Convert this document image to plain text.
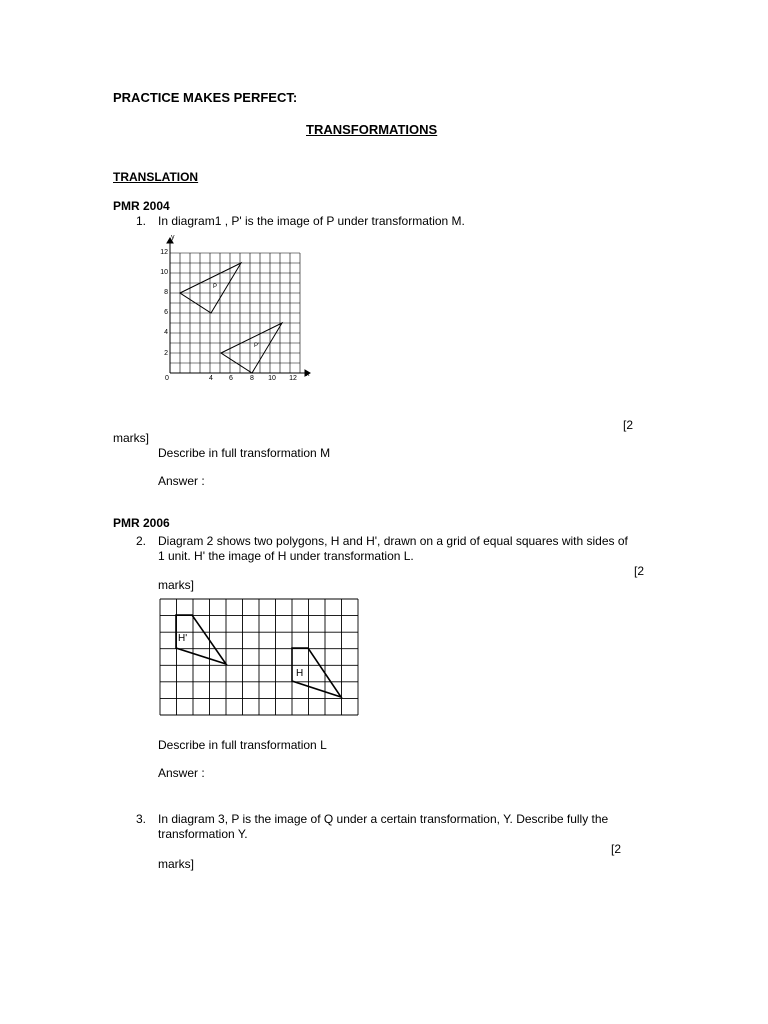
PRACTICE MAKES PERFECT:
TRANSFORMATIONS
TRANSLATION
PMR 2004
1. In diagram1 , P' is the image of P under transformation M.
x
y
0	4 6 8 10 12
2
4
6
8
10
12
P
P'
H'
H
[2
marks]
Describe in full transformation M
Answer :
PMR 2006
2. Diagram 2 shows two polygons, H and H', drawn on a grid of equal squares with sides of
1 unit. H' the image of H under transformation L.
[2
marks]
Describe in full transformation L
Answer :
3. In diagram 3, P is the image of Q under a certain transformation, Y. Describe fully the
transformation Y.
[2
marks]
